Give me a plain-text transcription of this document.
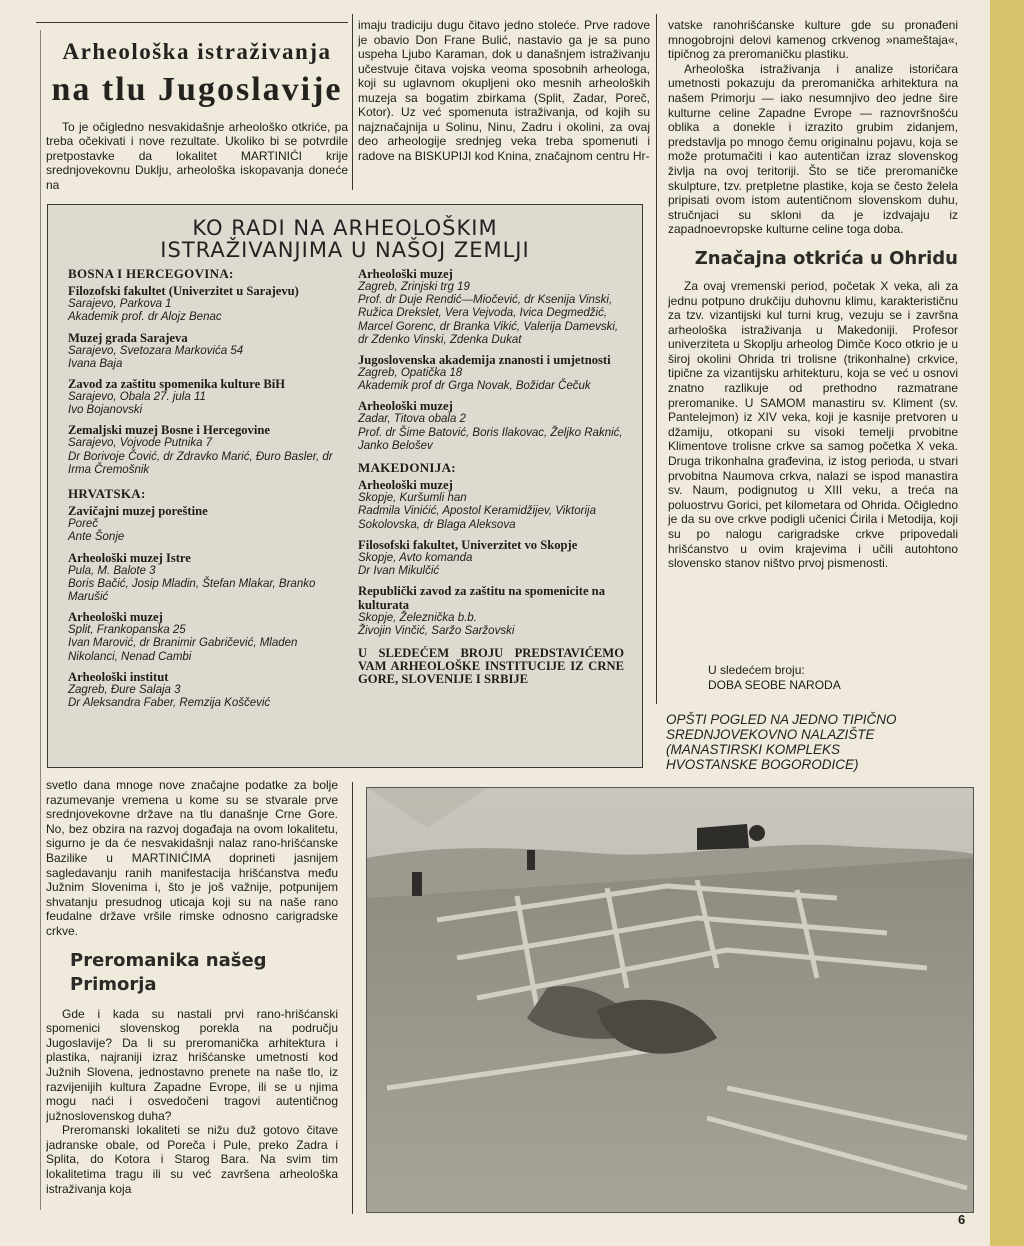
Arheološka istraživanja
na tlu Jugoslavije

To je očigledno nesvakidašnje arheološko otkriće, pa treba očekivati i nove rezultate. Ukoliko bi se potvrdile pretpostavke da lokalitet MARTINIĆI krije srednjovekovnu Duklju, arheološka iskopavanja doneće na

imaju tradiciju dugu čitavo jedno stoleće. Prve radove je obavio Don Frane Bulić, nastavio ga je sa puno uspeha Ljubo Karaman, dok u današnjem istraživanju učestvuje čitava vojska veoma sposobnih arheologa, koji su uglavnom okupljeni oko mesnih arheoloških muzeja sa bogatim zbirkama (Split, Zadar, Poreč, Kotor). Uz već spomenuta istraživanja, od kojih su najznačajnija u Solinu, Ninu, Zadru i okolini, za ovaj deo arheologije srednjeg veka treba spomenuti i radove na BISKUPIJI kod Knina, značajnom centru Hr-

vatske ranohrišćanske kulture gde su pronađeni mnogobrojni delovi kamenog crkvenog »nameštaja«, tipičnog za preromaničku plastiku.

Arheološka istraživanja i analize istoričara umetnosti pokazuju da preromanička arhitektura na našem Primorju — iako nesumnjivo deo jedne šire kulturne celine Zapadne Evrope — raznovršnošću oblika a donekle i izrazito grubim zidanjem, predstavlja po mnogo čemu originalnu pojavu, koja se može protumačiti i kao autentičan izraz slovenskog življa na ovoj teritoriji. Što se tiče preromaničke skulpture, tzv. pretpletne plastike, koja se često želela pripisati ovom istom autentičnom slovenskom duhu, stručnjaci su skloni da je izdvajaju iz zapadnoevropske kulturne celine toga doba.

Značajna otkrića u Ohridu

Za ovaj vremenski period, početak X veka, ali za jednu potpuno drukčiju duhovnu klimu, karakterističnu za tzv. vizantijski kul turni krug, vezuju se i završna arheološka istraživanja u Makedoniji. Profesor univerziteta u Skoplju arheolog Dimče Koco otkrio je u široj okolini Ohrida tri trolisne (trikonhalne) crkvice, tipične za vizantijsku arhitekturu, koja se već u osnovi znatno razlikuje od prethodno razmatrane preromanike. U SAMOM manastiru sv. Kliment (sv. Pantelejmon) iz XIV veka, koji je kasnije pretvoren u džamiju, otkopani su visoki temelji prvobitne Klimentove trolisne crkve sa samog početka X veka. Druga trikonhalna građevina, iz istog perioda, u stvari prvobitna Naumova crkva, nalazi se ispod manastira sv. Naum, podignutog u XIII veku, a treća na poluostrvu Gorici, pet kilometara od Ohrida. Očigledno je da su ove crkve podigli učenici Ćirila i Metodija, koji su po nalogu carigradske crkve pripovedali hrišćanstvo u ovim krajevima i učili autohtono slovensko stanov ništvo prvoj pismenosti.

U sledećem broju:
DOBA SEOBE NARODA
OPŠTI POGLED NA JEDNO TIPIČNO
SREDNJOVEKOVNO NALAZIŠTE
(MANASTIRSKI KOMPLEKS
HVOSTANSKE BOGORODICE)
KO RADI NA ARHEOLOŠKIM
ISTRAŽIVANJIMA U NAŠOJ ZEMLJI
BOSNA I HERCEGOVINA:
Filozofski fakultet (Univerzitet u Sarajevu)
Sarajevo, Parkova 1
Akademik prof. dr Alojz Benac
Muzej grada Sarajeva
Sarajevo, Svetozara Markovića 54
Ivana Baja
Zavod za zaštitu spomenika kulture BiH
Sarajevo, Obala 27. jula 11
Ivo Bojanovski
Zemaljski muzej Bosne i Hercegovine
Sarajevo, Vojvode Putnika 7
Dr Borivoje Čović, dr Zdravko Marić, Đuro Basler, dr Irma Čremošnik
HRVATSKA:
Zavičajni muzej poreštine
Poreč
Ante Šonje
Arheološki muzej Istre
Pula, M. Balote 3
Boris Bačić, Josip Mladin, Štefan Mlakar, Branko Marušić
Arheološki muzej
Split, Frankopanska 25
Ivan Marović, dr Branimir Gabričević, Mladen Nikolanci, Nenad Cambi
Arheološki institut
Zagreb, Đure Salaja 3
Dr Aleksandra Faber, Remzija Koščević
Arheološki muzej
Zagreb, Zrinjski trg 19
Prof. dr Duje Rendić—Miočević, dr Ksenija Vinski, Ružica Drekslet, Vera Vejvoda, Ivica Degmedžić, Marcel Gorenc, dr Branka Vikić, Valerija Damevski, dr Zdenko Vinski, Zdenka Dukat
Jugoslovenska akademija znanosti i umjetnosti
Zagreb, Opatička 18
Akademik prof dr Grga Novak, Božidar Čečuk
Arheološki muzej
Zadar, Titova obala 2
Prof. dr Šime Batović, Boris Ilakovac, Željko Raknić, Janko Belošev
MAKEDONIJA:
Arheološki muzej
Skopje, Kuršumli han
Radmila Vinićić, Apostol Keramidžijev, Viktorija Sokolovska, dr Blaga Aleksova
Filosofski fakultet, Univerzitet vo Skopje
Skopje, Avto komanda
Dr Ivan Mikulčić
Republički zavod za zaštitu na spomenicite na kulturata
Skopje, Železnička b.b.
Živojin Vinčić, Saržo Saržovski
U SLEDEĆEM BROJU PREDSTAVIĆEMO VAM ARHEOLOŠKE INSTITUCIJE IZ CRNE GORE, SLOVENIJE I SRBIJE

svetlo dana mnoge nove značajne podatke za bolje razumevanje vremena u kome su se stvarale prve srednjovekovne države na tlu današnje Crne Gore. No, bez obzira na razvoj događaja na ovom lokalitetu, sigurno je da će nesvakidašnji nalaz rano-hrišćanske Bazilike u MARTINIĆIMA doprineti jasnijem sagledavanju ranih manifestacija hrišćanstva među Južnim Slovenima i, što je još važnije, potpunijem shvatanju presudnog uticaja koji su na naše rano feudalne države vršile rimske odnosno carigradske crkve.

Preromanika našeg Primorja

Gde i kada su nastali prvi rano-hrišćanski spomenici slovenskog porekla na području Jugoslavije? Da li su preromanička arhitektura i plastika, najraniji izraz hrišćanske umetnosti kod Južnih Slovena, jednostavno prenete na naše tlo, iz razvijenijih kultura Zapadne Evrope, ili se u njima mogu naći i osvedočeni tragovi autentičnog južnoslovenskog duha?

Preromanski lokaliteti se nižu duž gotovo čitave jadranske obale, od Poreča i Pule, preko Zadra i Splita, do Kotora i Starog Bara. Na svim tim lokalitetima tragu ili su već završena arheološka istraživanja koja

6
